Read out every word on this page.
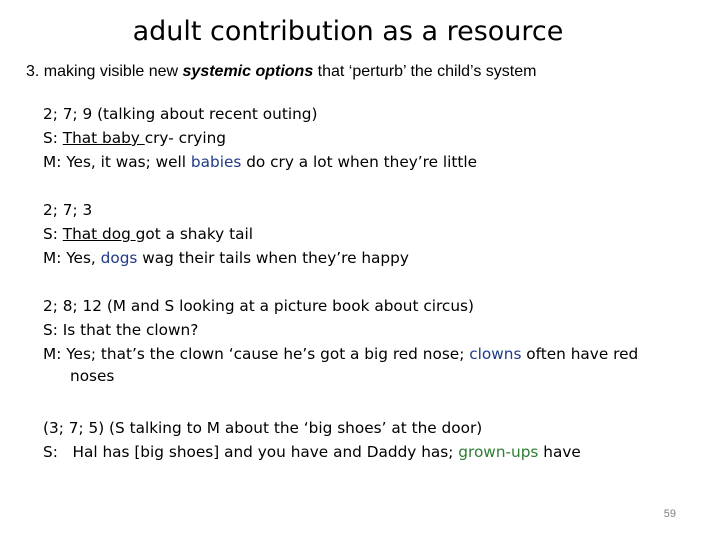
adult contribution as a resource
3. making visible new systemic options that ‘perturb’ the child’s system
2; 7; 9 (talking about recent outing)
S: That baby cry- crying
M: Yes, it was; well babies do cry a lot when they’re little
2; 7; 3
S: That dog got a shaky tail
M: Yes, dogs wag their tails when they’re happy
2; 8; 12 (M and S looking at a picture book about circus)
S: Is that the clown?
M: Yes; that’s the clown ‘cause he’s got a big red nose; clowns often have red
noses
(3; 7; 5) (S talking to M about the ‘big shoes’ at the door)
S:   Hal has [big shoes] and you have and Daddy has; grown-ups have
59
